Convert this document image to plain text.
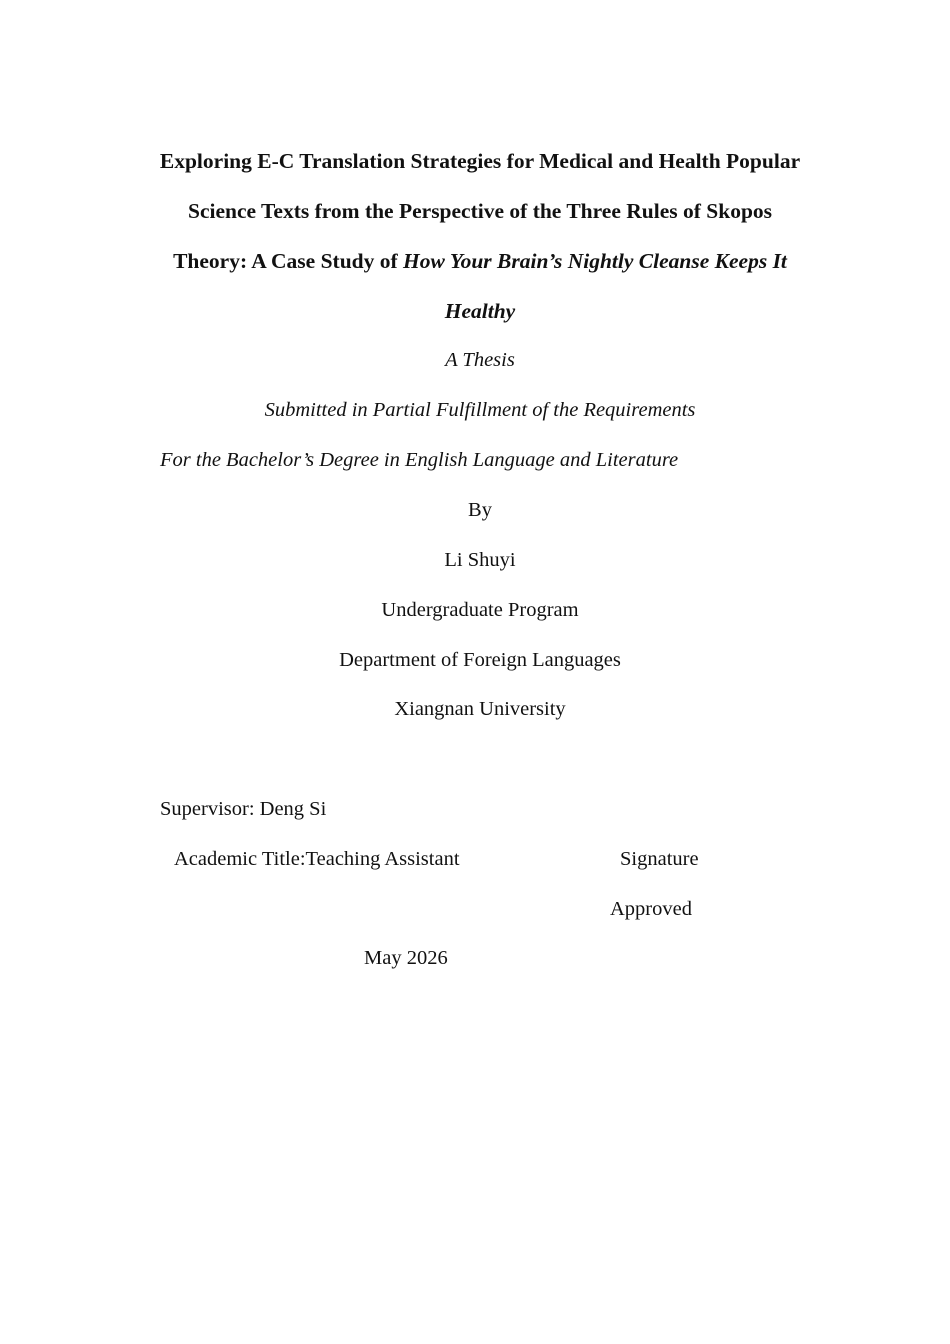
Exploring E-C Translation Strategies for Medical and Health Popular
Science Texts from the Perspective of the Three Rules of Skopos
Theory: A Case Study of How Your Brain’s Nightly Cleanse Keeps It
Healthy
A Thesis
Submitted in Partial Fulfillment of the Requirements
For the Bachelor’s Degree in English Language and Literature
By
Li Shuyi
Undergraduate Program
Department of Foreign Languages
Xiangnan University
Supervisor: Deng Si
Academic Title:Teaching Assistant	Signature
Approved
May 2026
